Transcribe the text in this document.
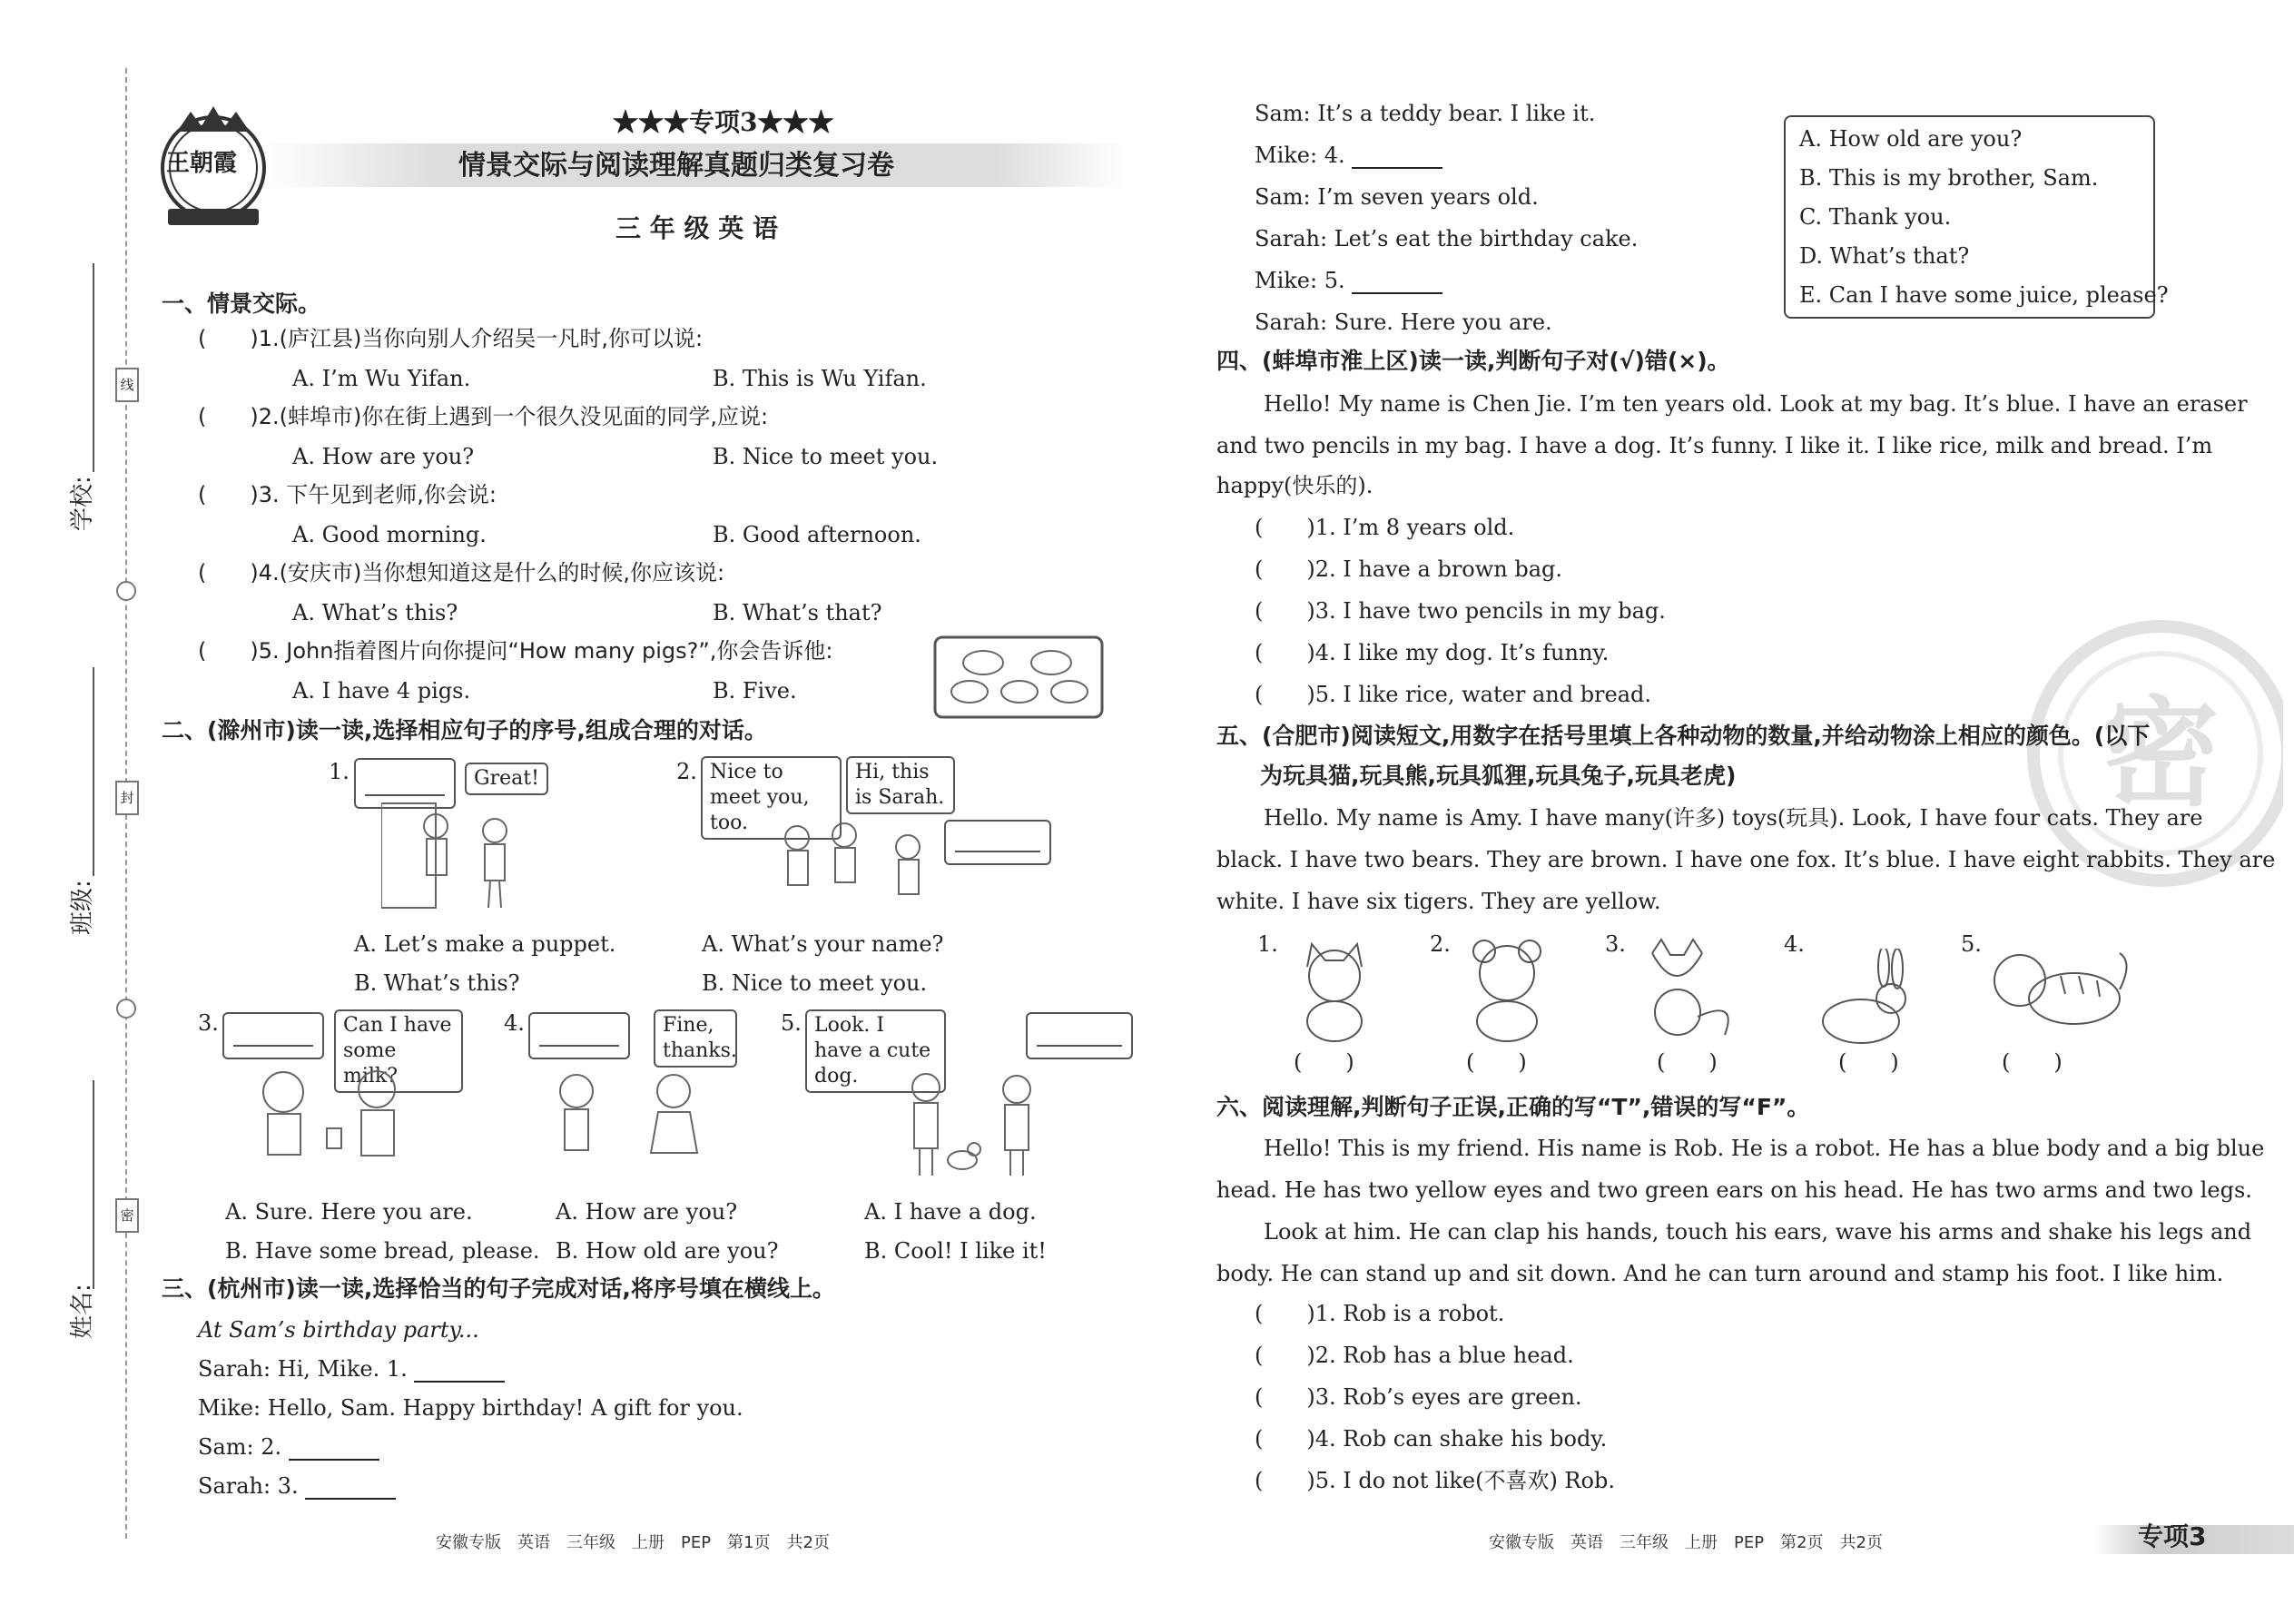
线
封
密
学校:
班级:
姓名:
王朝霞
★★★专项3★★★
情景交际与阅读理解真题归类复习卷
三 年 级 英 语
一、情景交际。
(　　)1.(庐江县)当你向别人介绍吴一凡时,你可以说:
A. I’m Wu Yifan.	B. This is Wu Yifan.
(　　)2.(蚌埠市)你在街上遇到一个很久没见面的同学,应说:
A. How are you?	B. Nice to meet you.
(　　)3. 下午见到老师,你会说:
A. Good morning.	B. Good afternoon.
(　　)4.(安庆市)当你想知道这是什么的时候,你应该说:
A. What’s this?	B. What’s that?
(　　)5. John指着图片向你提问“How many pigs?”,你会告诉他:
A. I have 4 pigs.	B. Five.
二、(滁州市)读一读,选择相应句子的序号,组成合理的对话。
1.	Great!	2. Nice to meet you, too.
Hi, this is Sarah.
A. Let’s make a puppet.
B. What’s this?
A. What’s your name?
B. Nice to meet you.
3.	Can I have some milk?
4.	Fine, thanks.
5. Look. I have a cute dog.
A. Sure. Here you are.
B. Have some bread, please.
A. How are you?
B. How old are you?
A. I have a dog.
B. Cool! I like it!
三、(杭州市)读一读,选择恰当的句子完成对话,将序号填在横线上。
At Sam’s birthday party...
Sarah: Hi, Mike. 1.
Mike: Hello, Sam. Happy birthday! A gift for you.
Sam: 2.
Sarah: 3.
安徽专版　英语　三年级　上册　PEP　第1页　共2页
Sam: It’s a teddy bear. I like it.
Mike: 4.
Sam: I’m seven years old.
Sarah: Let’s eat the birthday cake.
Mike: 5.
Sarah: Sure. Here you are.
A. How old are you?
B. This is my brother, Sam.
C. Thank you.
D. What’s that?
E. Can I have some juice, please?
四、(蚌埠市淮上区)读一读,判断句子对(√)错(×)。
Hello! My name is Chen Jie. I’m ten years old. Look at my bag. It’s blue. I have an eraser
and two pencils in my bag. I have a dog. It’s funny. I like it. I like rice, milk and bread. I’m
happy(快乐的).
(　　)1. I’m 8 years old.
(　　)2. I have a brown bag.
(　　)3. I have two pencils in my bag.
(　　)4. I like my dog. It’s funny.
(　　)5. I like rice, water and bread.	密
五、(合肥市)阅读短文,用数字在括号里填上各种动物的数量,并给动物涂上相应的颜色。(以下
为玩具猫,玩具熊,玩具狐狸,玩具兔子,玩具老虎)
Hello. My name is Amy. I have many(许多) toys(玩具). Look, I have four cats. They are
black. I have two bears. They are brown. I have one fox. It’s blue. I have eight rabbits. They are
white. I have six tigers. They are yellow.
1.
(　　)
2.
(　　)
3.
(　　)
4.
(　　)
5.
(　　)
六、阅读理解,判断句子正误,正确的写“T”,错误的写“F”。
Hello! This is my friend. His name is Rob. He is a robot. He has a blue body and a big blue
head. He has two yellow eyes and two green ears on his head. He has two arms and two legs.
Look at him. He can clap his hands, touch his ears, wave his arms and shake his legs and
body. He can stand up and sit down. And he can turn around and stamp his foot. I like him.
(　　)1. Rob is a robot.
(　　)2. Rob has a blue head.
(　　)3. Rob’s eyes are green.
(　　)4. Rob can shake his body.
(　　)5. I do not like(不喜欢) Rob.
安徽专版　英语　三年级　上册　PEP　第2页　共2页	专项3
